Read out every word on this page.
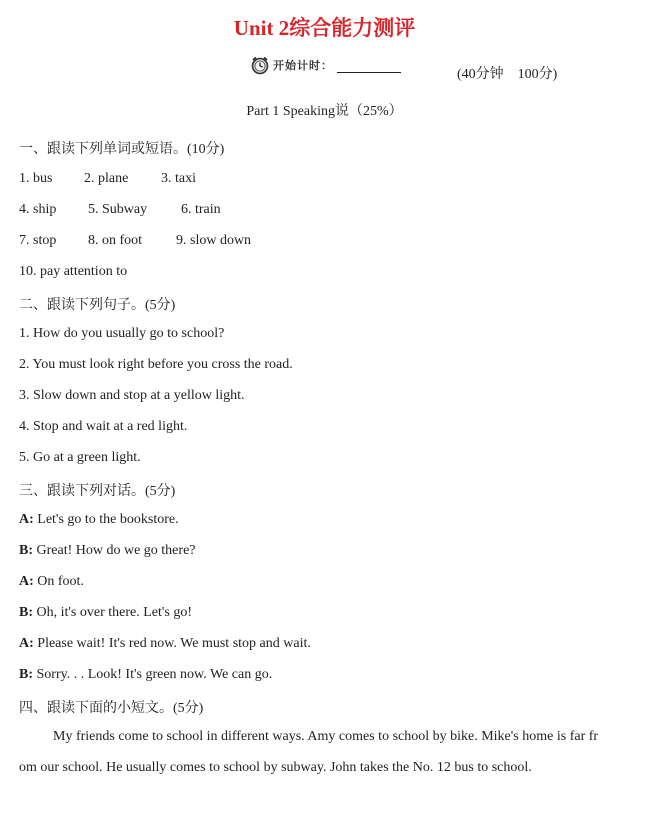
Unit 2综合能力测评
开始计时：
(40分钟　100分)
Part 1 Speaking说（25%）
一、跟读下列单词或短语。(10分)
1. bus 2. plane 3. taxi
4. ship 5. Subway 6. train
7. stop 8. on foot 9. slow down
10. pay attention to
二、跟读下列句子。(5分)
1. How do you usually go to school?
2. You must look right before you cross the road.
3. Slow down and stop at a yellow light.
4. Stop and wait at a red light.
5. Go at a green light.
三、跟读下列对话。(5分)
A: Let's go to the bookstore.
B: Great! How do we go there?
A: On foot.
B: Oh, it's over there. Let's go!
A: Please wait! It's red now. We must stop and wait.
B: Sorry. . . Look! It's green now. We can go.
四、跟读下面的小短文。(5分)
My friends come to school in different ways. Amy comes to school by bike. Mike's home is far from our school. He usually comes to school by subway. John takes the No. 12 bus to school.
